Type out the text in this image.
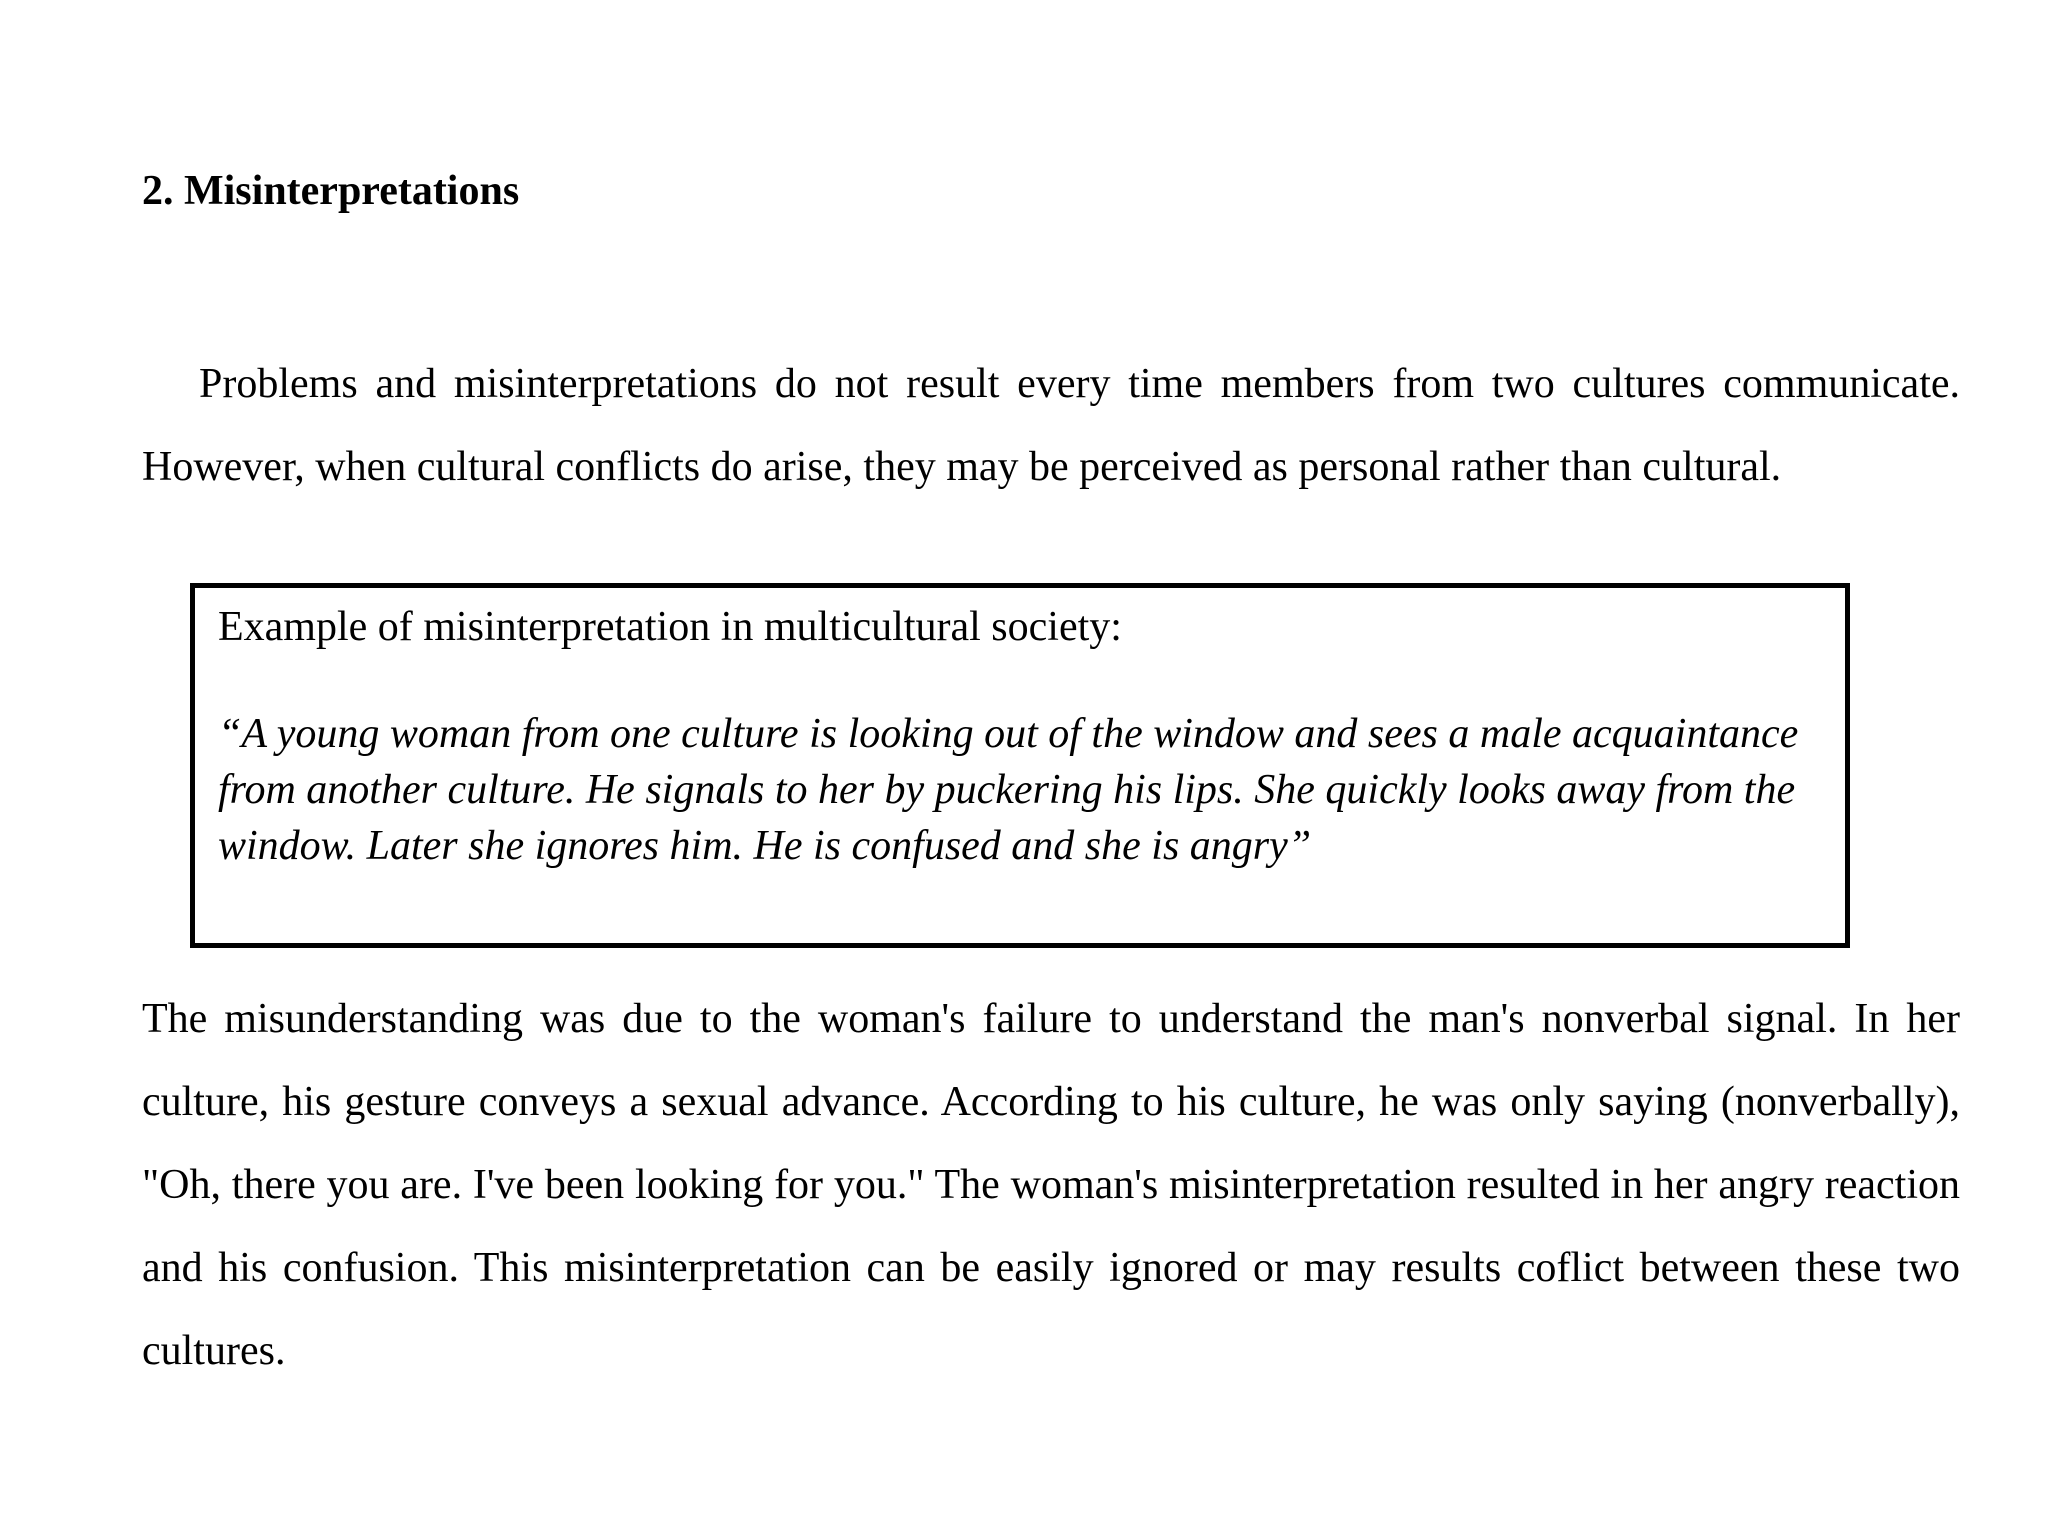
2. Misinterpretations

Problems and misinterpretations do not result every time members from two cultures communicate. However, when cultural conflicts do arise, they may be perceived as personal rather than cultural.

Example of misinterpretation in multicultural society:

“A young woman from one culture is looking out of the window and sees a male acquaintance from another culture. He signals to her by puckering his lips. She quickly looks away from the window. Later she ignores him. He is confused and she is angry”

The misunderstanding was due to the woman's failure to understand the man's nonverbal signal. In her culture, his gesture conveys a sexual advance. According to his culture, he was only saying (nonverbally), "Oh, there you are. I've been looking for you." The woman's misinterpretation resulted in her angry reaction and his confusion. This misinterpretation can be easily ignored or may results coflict between these two cultures.
